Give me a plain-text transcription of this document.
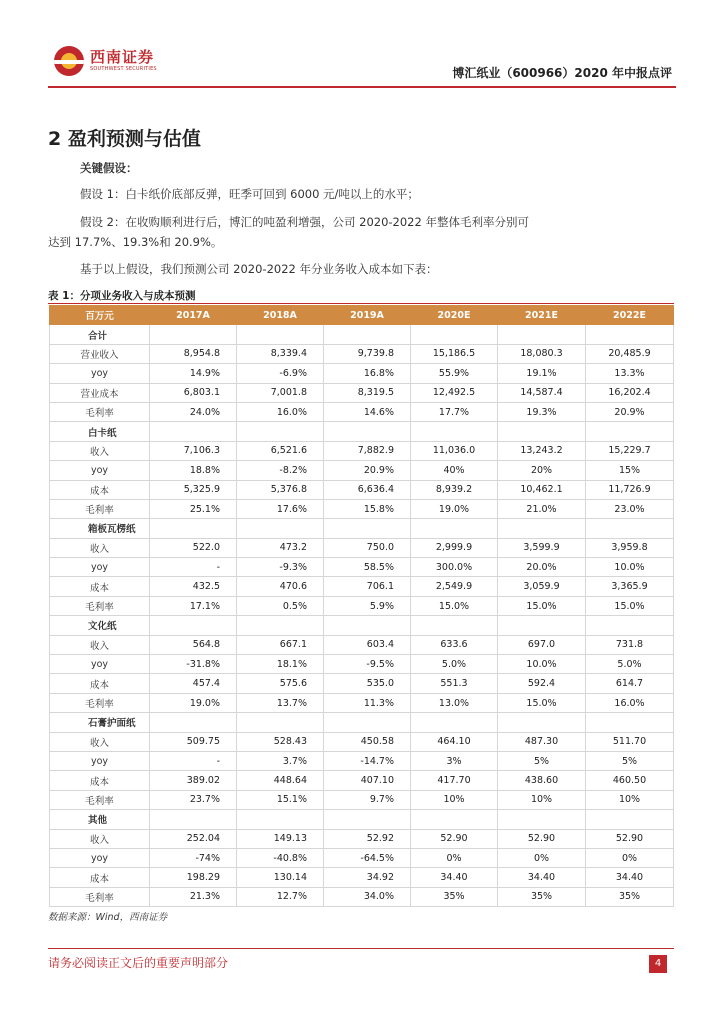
西南证券
SOUTHWEST SECURITIES	博汇纸业（600966）2020 年中报点评
2 盈利预测与估值
关键假设：
假设 1：白卡纸价底部反弹，旺季可回到 6000 元/吨以上的水平；
假设 2：在收购顺利进行后，博汇的吨盈利增强，公司 2020-2022 年整体毛利率分别可
达到 17.7%、19.3%和 20.9%。
基于以上假设，我们预测公司 2020-2022 年分业务收入成本如下表：
表 1：分项业务收入与成本预测
百万元	2017A	2018A	2019A	2020E	2021E	2022E
合计						
营业收入	8,954.8	8,339.4	9,739.8	15,186.5	18,080.3	20,485.9
yoy	14.9%	-6.9%	16.8%	55.9%	19.1%	13.3%
营业成本	6,803.1	7,001.8	8,319.5	12,492.5	14,587.4	16,202.4
毛利率	24.0%	16.0%	14.6%	17.7%	19.3%	20.9%
白卡纸						
收入	7,106.3	6,521.6	7,882.9	11,036.0	13,243.2	15,229.7
yoy	18.8%	-8.2%	20.9%	40%	20%	15%
成本	5,325.9	5,376.8	6,636.4	8,939.2	10,462.1	11,726.9
毛利率	25.1%	17.6%	15.8%	19.0%	21.0%	23.0%
箱板瓦楞纸						
收入	522.0	473.2	750.0	2,999.9	3,599.9	3,959.8
yoy	-	-9.3%	58.5%	300.0%	20.0%	10.0%
成本	432.5	470.6	706.1	2,549.9	3,059.9	3,365.9
毛利率	17.1%	0.5%	5.9%	15.0%	15.0%	15.0%
文化纸						
收入	564.8	667.1	603.4	633.6	697.0	731.8
yoy	-31.8%	18.1%	-9.5%	5.0%	10.0%	5.0%
成本	457.4	575.6	535.0	551.3	592.4	614.7
毛利率	19.0%	13.7%	11.3%	13.0%	15.0%	16.0%
石膏护面纸						
收入	509.75	528.43	450.58	464.10	487.30	511.70
yoy	-	3.7%	-14.7%	3%	5%	5%
成本	389.02	448.64	407.10	417.70	438.60	460.50
毛利率	23.7%	15.1%	9.7%	10%	10%	10%
其他						
收入	252.04	149.13	52.92	52.90	52.90	52.90
yoy	-74%	-40.8%	-64.5%	0%	0%	0%
成本	198.29	130.14	34.92	34.40	34.40	34.40
毛利率	21.3%	12.7%	34.0%	35%	35%	35%
数据来源：Wind，西南证券
请务必阅读正文后的重要声明部分	4
